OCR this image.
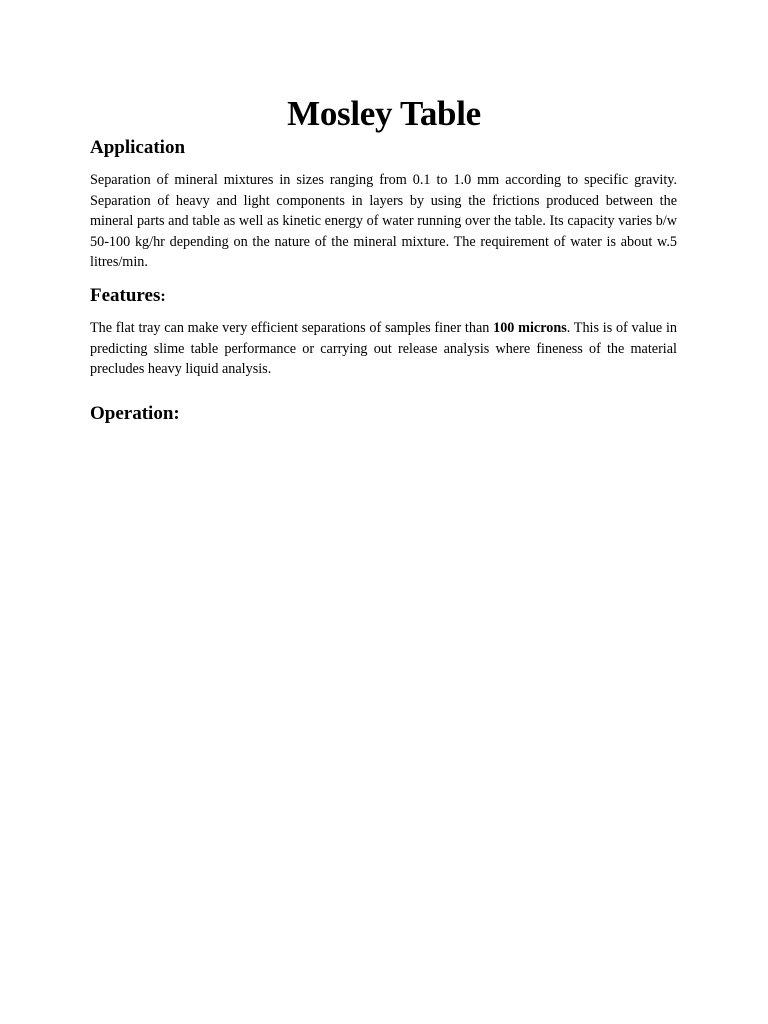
Mosley Table
Application

Separation of mineral mixtures in sizes ranging from 0.1 to 1.0 mm according to specific gravity. Separation of heavy and light components in layers by using the frictions produced between the mineral parts and table as well as kinetic energy of water running over the table. Its capacity varies b/w 50-100 kg/hr depending on the nature of the mineral mixture. The requirement of water is about w.5 litres/min.

Features:

The flat tray can make very efficient separations of samples finer than 100 microns. This is of value in predicting slime table performance or carrying out release analysis where fineness of the material precludes heavy liquid analysis.

Operation:
